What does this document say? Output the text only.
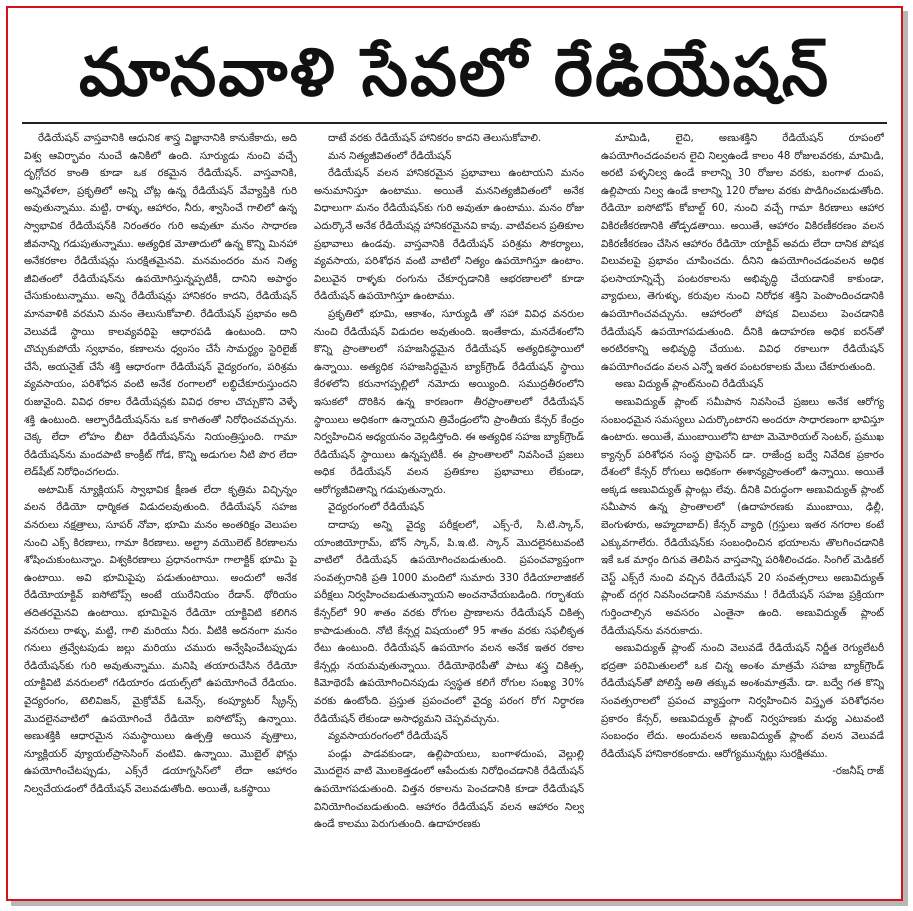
మానవాళి సేవలో రేడియేషన్

రేడియేషన్ వాస్తవానికి ఆధునిక శాస్త్ర విజ్ఞానానికి కానుకేకాదు, అది విశ్వ ఆవిర్భావం నుంచే ఉనికిలో ఉంది. సూర్యుడు నుంచి వచ్చే దృగ్గోచర కాంతి కూడా ఒక రకమైన రేడియేషన్. వాస్తవానికి, అన్నివేళలా, ప్రకృతిలో అన్ని చోట్ల ఉన్న రేడియేషన్ వేవ్యాప్తికి గురి అవుతున్నాము. మట్టి, రాళ్ళు, ఆహారం, నీరు, శ్వాసించే గాలిలో ఉన్న స్వాభావిక రేడియేషన్‌కి నిరంతరం గురి అవుతూ మనం సాధారణ జీవనాన్ని గడుపుతున్నాము. అత్యధిక మోతాదులో ఉన్న కొన్ని మినహా అనేకరకాల రేడియేషన్లు సురక్షితమైనవి. మనమందరం మన నిత్య జీవితంలో రేడియేషన్‌ను ఉపయోగిస్తున్నప్పటికీ, దానిని అపార్థం చేసుకుంటున్నాము. అన్ని రేడియేషన్లు హానికరం కాదని, రేడియేషన్ మానవాళికి వరమని మనం తెలుసుకోవాలి. రేడియేషన్ ప్రభావం అది వెలువడే స్థాయి కాలవ్యవధిపై ఆధారపడి ఉంటుంది. దాని చొచ్చుకుపోయే స్వభావం, కణాలను ధ్వంసం చేసే సామర్థ్యం స్టెరిలైజ్ చేసే, అయనైజ్ చేసే శక్తి ఆధారంగా రేడియేషన్ వైద్యరంగం, పరిశ్రమ వ్యవసాయం, పరిశోధన వంటి అనేక రంగాలలో లబ్ధిచేకూరుస్తుందని రుజువైంది. వివిధ రకాల రేడియేషన్లకు వివిధ రకాల చొచ్చుకొని వెళ్ళే శక్తి ఉంటుంది. ఆల్ఫారేడియేషన్‌ను ఒక కాగితంతో నిరోధించవచ్చును. చెక్క లేదా లోహం బీటా రేడియేషన్‌ను నియంత్రిస్తుంది. గామా రేడియేషన్‌ను మందపాటి కాంక్రీట్ గోడ, కొన్ని అడుగుల నీటి పొర లేదా లెడ్‌షీట్ నిరోధించగలదు.

అటామిక్ న్యూక్లియస్ స్వాభావిక క్షీణత లేదా కృత్రిమ విచ్ఛిన్నం వలన రేడియో ధార్మికత విడుదలవుతుంది. రేడియేషన్ సహజ వనరులు నక్షత్రాలు, సూపర్ నోవా, భూమి మనం అంతరిక్షం వెలుపల నుంచి ఎక్స్ కిరణాలు, గామా కిరణాలు. అల్ట్రా వయొలెట్ కిరణాలను శోషించుకుంటున్నాం. విశ్వకిరణాలు ప్రధానంగానూ గాలాక్టిక్ భూమి పై ఉంటాయి. అవి భూమిపైపు పడుతుంటాయి. అందులో అనేక రేడియోయాక్టివ్ ఐసోటోప్స్ అంటే యురేనియం రేడాన్. థోరియం తదితరమైనవి ఉంటాయి. భూమిపైన రేడియో యాక్టివిటి కలిగిన వనరులు రాళ్ళు, మట్టి, గాలి మరియు నీరు. వీటికి అదనంగా మనం గనులు త్రవ్వేటపుడు జల్లు మరియు చమురు అన్వేషించేటప్పుడు రేడియేషన్‌కు గురి అవుతున్నాము. మనిషి తయారుచేసిన రేడియో యాక్టివిటి వనరులలో గడియారం డయల్స్‌లో ఉపయోగించే రేడియం. వైద్యరంగం, టెలివిజన్, మైక్రోవేవ్ ఓవెన్స్, కంప్యూటర్ స్క్రీన్స్ మొదలైనవాటిలో ఉపయోగించే రేడియో ఐసోటోప్స్ ఉన్నాయి. అణుశక్తికి ఆధారమైన సమస్థాయిలు ఉత్పత్తి అయిన వృత్తాలు, న్యూక్లియర్ వ్యూయల్‌ప్రాసెసింగ్ వంటివి. ఉన్నాయి. మొబైల్ ఫోన్లు ఉపయోగించేటప్పుడు, ఎక్స్‌రే డయాగ్నసిస్‌లో లేదా ఆహారం నిల్వచేయడంలో రేడియేషన్ వెలువడుతోంది. అయితే, ఒకస్థాయి

దాటే వరకు రేడియేషన్ హానికరం కాదని తెలుసుకోవాలి.

మన నిత్యజీవితంలో రేడియేషన్

రేడియేషన్ వలన హానికరమైన ప్రభావాలు ఉంటాయని మనం అనుమానిస్తూ ఉంటాము. అయితే మననిత్యజీవితంలో అనేక విధాలుగా మనం రేడియేషన్‌కు గురి అవుతూ ఉంటాము. మనం రోజు ఎదుర్కొనే అనేక రేడియేషన్ల హానికరమైనవి కావు. వాటివలన ప్రతికూల ప్రభావాలు ఉండవు. వాస్తవానికి రేడియేషన్ పరిశ్రమ సౌకర్యాలు, వ్యవసాయ, పరిశోధన వంటి వాటిలో నిత్యం ఉపయోగిస్తూ ఉంటాం. విలువైన రాళ్ళకు రంగును చేకూర్చడానికి ఆభరణాలలో కూడా రేడియేషన్ ఉపయోగిస్తూ ఉంటాము.

ప్రకృతిలో భూమి, ఆకాశం, సూర్యుడి తో సహా వివిధ వనరుల నుంచి రేడియేషన్ విడుదల అవుతుంది. ఇంతేకాదు, మనదేశంలోని కొన్ని ప్రాంతాలలో సహజసిద్ధమైన రేడియేషన్ అత్యధికస్థాయిలో ఉన్నాయి. అత్యధిక సహజసిద్ధమైన బ్యాక్‌గ్రౌండ్ రేడియేషన్ స్థాయి కేరళలోని కరునాగప్పల్లిలో నమోదు అయ్యింది. సముద్రతీరంలోని ఇసుకలో దొరికిన ఉన్న కారణంగా తీరప్రాంతాలలో రేడియేషన్ స్థాయిలు అధికంగా ఉన్నాయని త్రివేండ్రంలోని ప్రాంతీయ కేన్సర్ కేంద్రం నిర్వహించిన అధ్యయనం వెల్లడిస్తోంది. ఈ అత్యధిక సహజ బ్యాక్‌గ్రౌండ్ రేడియేషన్ స్థాయిలు ఉన్నప్పటికీ. ఈ ప్రాంతాలలో నివసించే ప్రజలు అధిక రేడియేషన్ వలన ప్రతికూల ప్రభావాలు లేకుండా, ఆరోగ్యజీవితాన్ని గడుపుతున్నారు.

వైద్యరంగంలో రేడియేషన్

దాదాపు అన్ని వైద్య పరీక్షలలో, ఎక్స్-రే, సి.టి.స్కాన్, యాంజియోగ్రామ్, బోన్ స్కాన్, పి.ఇ.టి. స్కాన్ మొదలైనటువంటి వాటిలో రేడియేషన్ ఉపయోగించబడుతుంది. ప్రపంచవ్యాప్తంగా సంవత్సరానికి ప్రతి 1000 మందిలో సుమారు 330 రేడియాలాజికల్ పరీక్షలు నిర్వహించబడుతున్నాయని అంచనావేయబడింది. గర్భాశయ కేన్సర్‌లో 90 శాతం వరకు రోగుల ప్రాణాలను రేడియేషన్ చికిత్స కాపాడుతుంది. నోటి కేన్సర్ల విషయంలో 95 శాతం వరకు సఫలీకృత రేటు ఉంటుంది. రేడియేషన్ ఉపయోగం వలన అనేక ఇతర రకాల కేన్సర్లు నయమవుతున్నాయి. రేడియోథెరపీతో పాటు శస్త్ర చికిత్స, కిమోథెరపీ ఉపయోగించినపుడు స్వస్థత కలిగే రోగుల సంఖ్య 30% వరకు ఉంటోంది. ప్రస్తుత ప్రపంచంలో వైద్య పరంగ రోగ నిర్ధారణ రేడియేషన్ లేకుండా అసాధ్యమని చెప్పవచ్చును.

వ్యవసాయరంగంలో రేడియేషన్

పండ్లు పాడవకుండా, ఉల్లిపాయలు, బంగాళదుంప, వెల్లుల్లి మొదలైన వాటి మొలకెత్తడంలో ఆపేందుకు నిరోధించడానికి రేడియేషన్ ఉపయోగపడుతుంది. విత్తన రకాలను పెంచడానికి కూడా రేడియేషన్ వినియోగించబడుతుంది. ఆహారం రేడియేషన్ వలన ఆహారం నిల్వ ఉండే కాలము పెరుగుతుంది. ఉదాహరణకు

మామిడి, లైచి, అణుశక్తిని రేడియేషన్ రూపంలో ఉపయోగించడంవలన లైచి నిల్వఉండే కాలం 48 రోజులవరకు, మామిడి, అరటి పళ్ళనిల్వ ఉండే కాలాన్ని 30 రోజుల వరకు, బంగాళ దుంప, ఉల్లిపాయ నిల్వ ఉండే కాలాన్ని 120 రోజుల వరకు పొడిగించబడుతోంది. రేడియో ఐసోటోప్ కోబాల్ట్ 60, నుంచి వచ్చే గామా కిరణాలు ఆహార వికిరణీకరణానికి తోడ్పడతాయి. అయితే, ఆహారం వికిరణీకరణం వలన వికిరణీకరణం చేసిన ఆహారం రేడియో యాక్టివ్ అవదు లేదా దానిక పోషక విలువలపై ప్రభావం చూపించదు. దీనిని ఉపయోగించడంవలన అధిక ఫలసాయాన్నిచ్చే పంటరకాలను అభివృద్ధి చేయడానికే కాకుండా, వ్యాధులు, తెగుళ్ళు, కరువుల నుంచి నిరోధక శక్తిని పెంపొందించడానికి ఉపయోగించవచ్చును. ఆహారంలో పోషక విలువలు పెంచడానికి రేడియేషన్ ఉపయోగపడుతుంది. దీనికి ఉదాహరణ అధిక ఐరన్‌తో అరటిరకాన్ని అభివృద్ధి చేయుట. వివిధ రకాలుగా రేడియేషన్ ఉపయోగించడం వలన ఎన్నో ఇతర పంటరకాలకు మేలు చేకూరుతుంది.

అణు విద్యుత్ ప్లాంట్‌నుంచి రేడియేషన్

అణువిద్యుత్ ప్లాంట్ సమీపాన నివసించే ప్రజలు అనేక ఆరోగ్య సంబంధమైన సమస్యలు ఎదుర్కొంటారని అందరూ సాధారణంగా భావిస్తూ ఉంటారు. అయితే, ముంబాయిలోని టాటా మెమోరియల్ సెంటర్, ప్రముఖ క్యాన్సర్ పరిశోధన సంస్థ ప్రొఫెసర్ డా. రాజేంద్ర బద్వే నివేదిక ప్రకారం దేశంలో కేన్సర్ రోగులు అధికంగా ఈశాన్యప్రాంతంలో ఉన్నాయి. అయితే అక్కడ అణువిద్యుత్ ప్లాంట్లు లేవు. దీనికి విరుద్ధంగా అణువిద్యుత్ ప్లాంట్ సమీపాన ఉన్న ప్రాంతాలలో (ఉదాహరణకు ముంబాయి, ఢిల్లీ, బెంగుళూరు, అహ్మదాబాద్) కేన్సర్ వ్యాధి (గ్రస్తులు ఇతర నగరాల కంటే ఎక్కువగాలేరు. రేడియేషన్‌కు సంబంధించిన భయాలను తొలగించడానికి ఇకే ఒక మార్గం దిగువ తెలిపిన వాస్తవాన్ని పరిశీలించడం. సింగిల్ మెడికల్ చెస్ట్ ఎక్స్‌రే నుంచి వచ్చిన రేడియేషన్ 20 సంవత్సరాలు అణువిద్యుత్ ప్లాంట్ దగ్గర నివసించడానికి సమానము ! రేడియేషన్ సహజ ప్రక్రియగా గుర్తించాల్సిన అవసరం ఎంతైనా ఉంది. అణువిద్యుత్ ప్లాంట్ రేడియేషన్‌ను వనరుకాదు.

అణువిద్యుత్ ప్లాంట్ నుంచి వెలువడే రేడియేషన్ నిర్ణీత రెగ్యులేటరీ భద్రతా పరిమితులలో ఒక చిన్న అంశం మాత్రమే సహజ బ్యాక్‌గ్రౌండ్ రేడియేషన్‌తో పోలిస్తే అతి తక్కువ అంశంమాత్రమే. డా. బద్వే గత కొన్ని సంవత్సరాలలో ప్రపంచ వ్యాప్తంగా నిర్వహించిన విస్తృత పరిశోధనల ప్రకారం కేన్సర్, అణువిద్యుత్ ప్లాంట్ నిర్వహణకు మధ్య ఎటువంటి సంబంధం లేదు. అందువలన అణువిద్యుత్ ప్లాంట్ వలన వెలువడే రేడియేషన్ హానికారకంకాదు. ఆరోగ్యమున్నట్లు సురక్షితము.

-రజనీష్ రాజ్
